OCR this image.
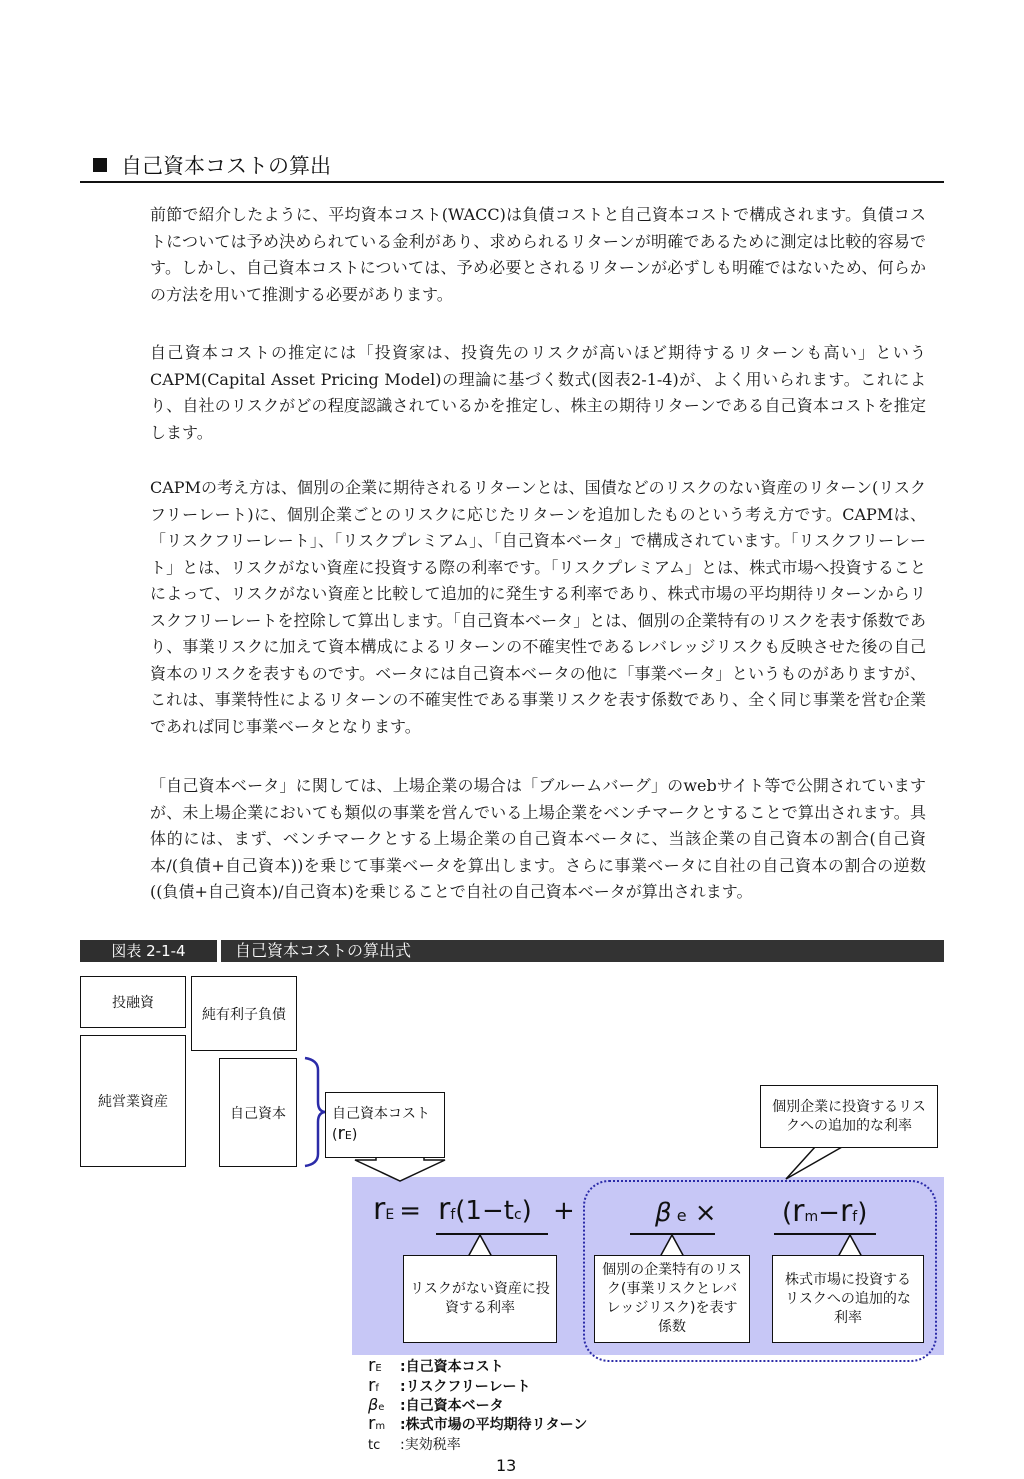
自己資本コストの算出

前節で紹介したように、平均資本コスト(WACC)は負債コストと自己資本コストで構成されます。負債コストについては予め決められている金利があり、求められるリターンが明確であるために測定は比較的容易です。しかし、自己資本コストについては、予め必要とされるリターンが必ずしも明確ではないため、何らかの方法を用いて推測する必要があります。

自己資本コストの推定には「投資家は、投資先のリスクが高いほど期待するリターンも高い」というCAPM(Capital Asset Pricing Model)の理論に基づく数式(図表2-1-4)が、よく用いられます。これにより、自社のリスクがどの程度認識されているかを推定し、株主の期待リターンである自己資本コストを推定します。

CAPMの考え方は、個別の企業に期待されるリターンとは、国債などのリスクのない資産のリターン(リスクフリーレート)に、個別企業ごとのリスクに応じたリターンを追加したものという考え方です。CAPMは、「リスクフリーレート」、「リスクプレミアム」、「自己資本ベータ」で構成されています。「リスクフリーレート」とは、リスクがない資産に投資する際の利率です。「リスクプレミアム」とは、株式市場へ投資することによって、リスクがない資産と比較して追加的に発生する利率であり、株式市場の平均期待リターンからリスクフリーレートを控除して算出します。「自己資本ベータ」とは、個別の企業特有のリスクを表す係数であり、事業リスクに加えて資本構成によるリターンの不確実性であるレバレッジリスクも反映させた後の自己資本のリスクを表すものです。ベータには自己資本ベータの他に「事業ベータ」というものがありますが、これは、事業特性によるリターンの不確実性である事業リスクを表す係数であり、全く同じ事業を営む企業であれば同じ事業ベータとなります。

「自己資本ベータ」に関しては、上場企業の場合は「ブルームバーグ」のwebサイト等で公開されていますが、未上場企業においても類似の事業を営んでいる上場企業をベンチマークとすることで算出されます。具体的には、まず、ベンチマークとする上場企業の自己資本ベータに、当該企業の自己資本の割合(自己資本/(負債+自己資本))を乗じて事業ベータを算出します。さらに事業ベータに自社の自己資本の割合の逆数((負債+自己資本)/自己資本)を乗じることで自社の自己資本ベータが算出されます。

図表 2-1-4	自己資本コストの算出式
投融資
純営業資産
純有利子負債
自己資本	自己資本コスト
(rE)
個別企業に投資するリスクへの追加的な利率
rE = rf(1−tc) +	β e ×	(rm−rf)
リスクがない資産に投資する利率
個別の企業特有のリスク(事業リスクとレバレッジリスク)を表す係数
株式市場に投資するリスクへの追加的な利率
rE :自己資本コスト
rf :リスクフリーレート
βe :自己資本ベータ
rm :株式市場の平均期待リターン
tc :実効税率
13
